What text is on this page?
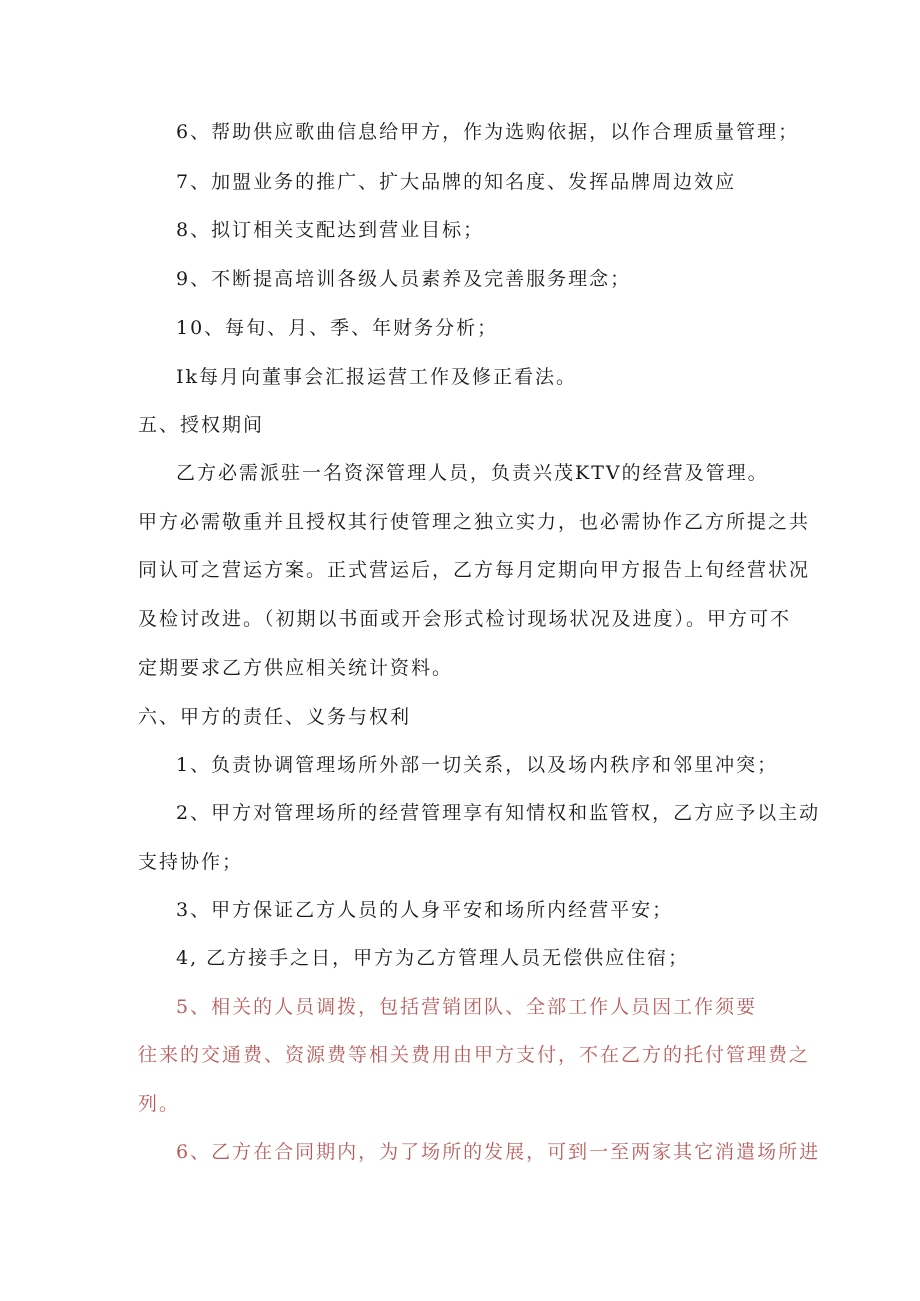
6、帮助供应歌曲信息给甲方，作为选购依据，以作合理质量管理；
7、加盟业务的推广、扩大品牌的知名度、发挥品牌周边效应
8、拟订相关支配达到营业目标；
9、不断提高培训各级人员素养及完善服务理念；
10、每旬、月、季、年财务分析；
Ik每月向董事会汇报运营工作及修正看法。
五、授权期间
乙方必需派驻一名资深管理人员，负责兴茂KTV的经营及管理。
甲方必需敬重并且授权其行使管理之独立实力，也必需协作乙方所提之共
同认可之营运方案。正式营运后，乙方每月定期向甲方报告上旬经营状况
及检讨改进。（初期以书面或开会形式检讨现场状况及进度）。甲方可不
定期要求乙方供应相关统计资料。
六、甲方的责任、义务与权利
1、负责协调管理场所外部一切关系，以及场内秩序和邻里冲突；
2、甲方对管理场所的经营管理享有知情权和监管权，乙方应予以主动
支持协作；
3、甲方保证乙方人员的人身平安和场所内经营平安；
4, 乙方接手之日，甲方为乙方管理人员无偿供应住宿；
5、相关的人员调拨，包括营销团队、全部工作人员因工作须要
往来的交通费、资源费等相关费用由甲方支付，不在乙方的托付管理费之
列。
6、乙方在合同期内，为了场所的发展，可到一至两家其它消遣场所进
